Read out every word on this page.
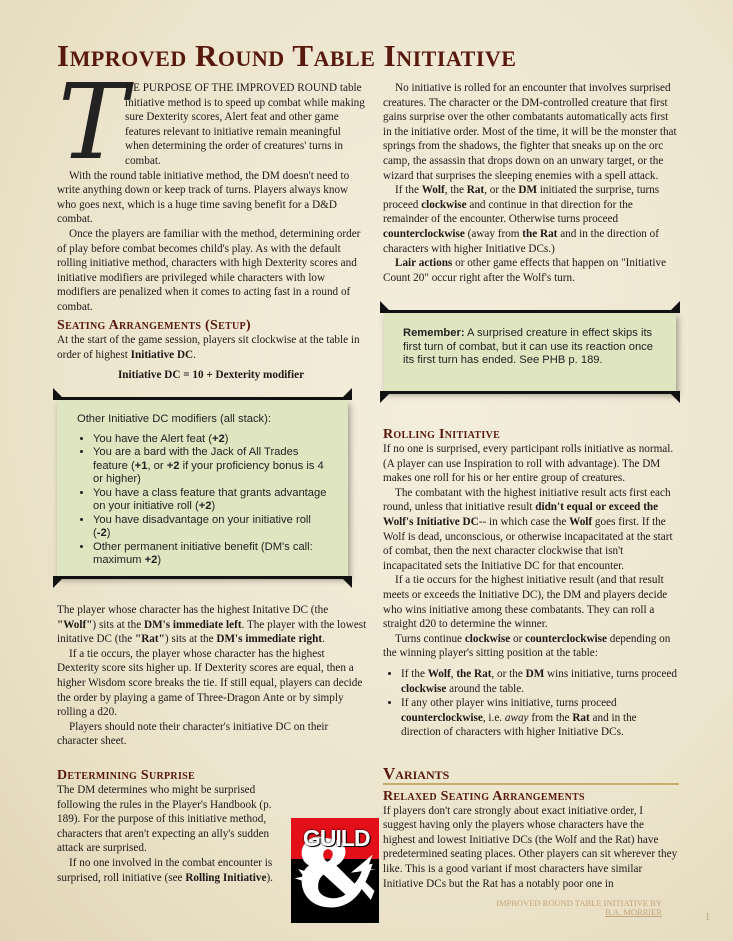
Improved Round Table Initiative
T

HE PURPOSE OF THE IMPROVED ROUND table initiative method is to speed up combat while making sure Dexterity scores, Alert feat and other game features relevant to initiative remain meaningful when determining the order of creatures' turns in combat.

With the round table initiative method, the DM doesn't need to write anything down or keep track of turns. Players always know who goes next, which is a huge time saving benefit for a D&D combat.

Once the players are familiar with the method, determining order of play before combat becomes child's play. As with the default rolling initiative method, characters with high Dexterity scores and initiative modifiers are privileged while characters with low modifiers are penalized when it comes to acting fast in a round of combat.

Seating Arrangements (Setup)

At the start of the game session, players sit clockwise at the table in order of highest Initiative DC.

Initiative DC = 10 + Dexterity modifier
Other Initiative DC modifiers (all stack):
• You have the Alert feat (+2)
• You are a bard with the Jack of All Trades feature (+1, or +2 if your proficiency bonus is 4 or higher)
• You have a class feature that grants advantage on your initiative roll (+2)
• You have disadvantage on your initiative roll (-2)
• Other permanent initiative benefit (DM's call: maximum +2)

The player whose character has the highest Initative DC (the "Wolf") sits at the DM's immediate left. The player with the lowest initative DC (the "Rat") sits at the DM's immediate right.

If a tie occurs, the player whose character has the highest Dexterity score sits higher up. If Dexterity scores are equal, then a higher Wisdom score breaks the tie. If still equal, players can decide the order by playing a game of Three-Dragon Ante or by simply rolling a d20.

Players should note their character's initiative DC on their character sheet.

Determining Surprise

The DM determines who might be surprised following the rules in the Player's Handbook (p. 189). For the purpose of this initiative method, characters that aren't expecting an ally's sudden attack are surprised.

If no one involved in the combat encounter is surprised, roll initiative (see Rolling Initiative).

No initiative is rolled for an encounter that involves surprised creatures. The character or the DM-controlled creature that first gains surprise over the other combatants automatically acts first in the initiative order. Most of the time, it will be the monster that springs from the shadows, the fighter that sneaks up on the orc camp, the assassin that drops down on an unwary target, or the wizard that surprises the sleeping enemies with a spell attack.

If the Wolf, the Rat, or the DM initiated the surprise, turns proceed clockwise and continue in that direction for the remainder of the encounter. Otherwise turns proceed counterclockwise (away from the Rat and in the direction of characters with higher Initiative DCs.)

Lair actions or other game effects that happen on "Initiative Count 20" occur right after the Wolf's turn.

Remember: A surprised creature in effect skips its first turn of combat, but it can use its reaction once its first turn has ended. See PHB p. 189.
Rolling Initiative

If no one is surprised, every participant rolls initiative as normal. (A player can use Inspiration to roll with advantage). The DM makes one roll for his or her entire group of creatures.

The combatant with the highest initiative result acts first each round, unless that initiative result didn't equal or exceed the Wolf's Initiative DC-- in which case the Wolf goes first. If the Wolf is dead, unconscious, or otherwise incapacitated at the start of combat, then the next character clockwise that isn't incapacitated sets the Initiative DC for that encounter.

If a tie occurs for the highest initiative result (and that result meets or exceeds the Initiative DC), the DM and players decide who wins initiative among these combatants. They can roll a straight d20 to determine the winner.

Turns continue clockwise or counterclockwise depending on the winning player's sitting position at the table:

• If the Wolf, the Rat, or the DM wins initiative, turns proceed clockwise around the table.
• If any other player wins initiative, turns proceed counterclockwise, i.e. away from the Rat and in the direction of characters with higher Initiative DCs.
Variants
Relaxed Seating Arrangements

If players don't care strongly about exact initiative order, I suggest having only the players whose characters have the highest and lowest Initiative DCs (the Wolf and the Rat) have predetermined seating places. Other players can sit wherever they like. This is a good variant if most characters have similar Initiative DCs but the Rat has a notably poor one in

IMPROVED ROUND TABLE INITIATIVE BY
B.A. MORRIER	1
GUILD
